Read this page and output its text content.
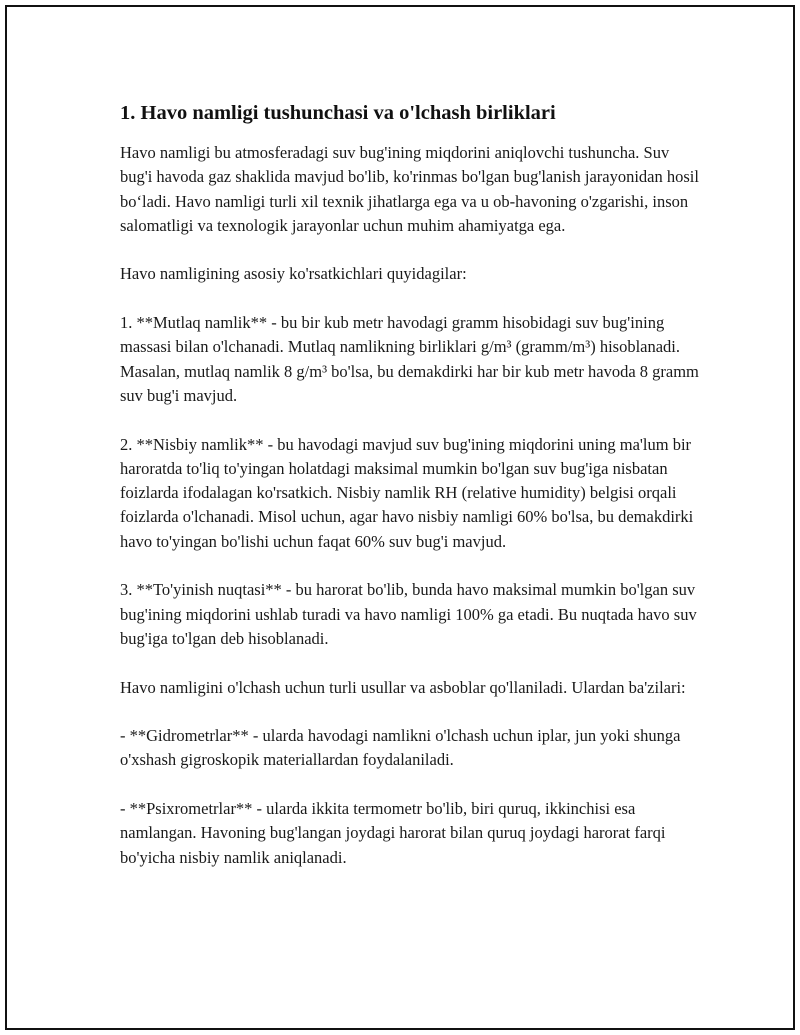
1. Havo namligi tushunchasi va o'lchash birliklari

Havo namligi bu atmosferadagi suv bug'ining miqdorini aniqlovchi tushuncha. Suv bug'i havoda gaz shaklida mavjud bo'lib, ko'rinmas bo'lgan bug'lanish jarayonidan hosil bo‘ladi. Havo namligi turli xil texnik jihatlarga ega va u ob-havoning o'zgarishi, inson salomatligi va texnologik jarayonlar uchun muhim ahamiyatga ega.

Havo namligining asosiy ko'rsatkichlari quyidagilar:

1. **Mutlaq namlik** - bu bir kub metr havodagi gramm hisobidagi suv bug'ining massasi bilan o'lchanadi. Mutlaq namlikning birliklari g/m³ (gramm/m³) hisoblanadi. Masalan, mutlaq namlik 8 g/m³ bo'lsa, bu demakdirki har bir kub metr havoda 8 gramm suv bug'i mavjud.

2. **Nisbiy namlik** - bu havodagi mavjud suv bug'ining miqdorini uning ma'lum bir haroratda to'liq to'yingan holatdagi maksimal mumkin bo'lgan suv bug'iga nisbatan foizlarda ifodalagan ko'rsatkich. Nisbiy namlik RH (relative humidity) belgisi orqali foizlarda o'lchanadi. Misol uchun, agar havo nisbiy namligi 60% bo'lsa, bu demakdirki havo to'yingan bo'lishi uchun faqat 60% suv bug'i mavjud.

3. **To'yinish nuqtasi** - bu harorat bo'lib, bunda havo maksimal mumkin bo'lgan suv bug'ining miqdorini ushlab turadi va havo namligi 100% ga etadi. Bu nuqtada havo suv bug'iga to'lgan deb hisoblanadi.

Havo namligini o'lchash uchun turli usullar va asboblar qo'llaniladi. Ulardan ba'zilari:

- **Gidrometrlar** - ularda havodagi namlikni o'lchash uchun iplar, jun yoki shunga o'xshash gigroskopik materiallardan foydalaniladi.

- **Psixrometrlar** - ularda ikkita termometr bo'lib, biri quruq, ikkinchisi esa namlangan. Havoning bug'langan joydagi harorat bilan quruq joydagi harorat farqi bo'yicha nisbiy namlik aniqlanadi.
